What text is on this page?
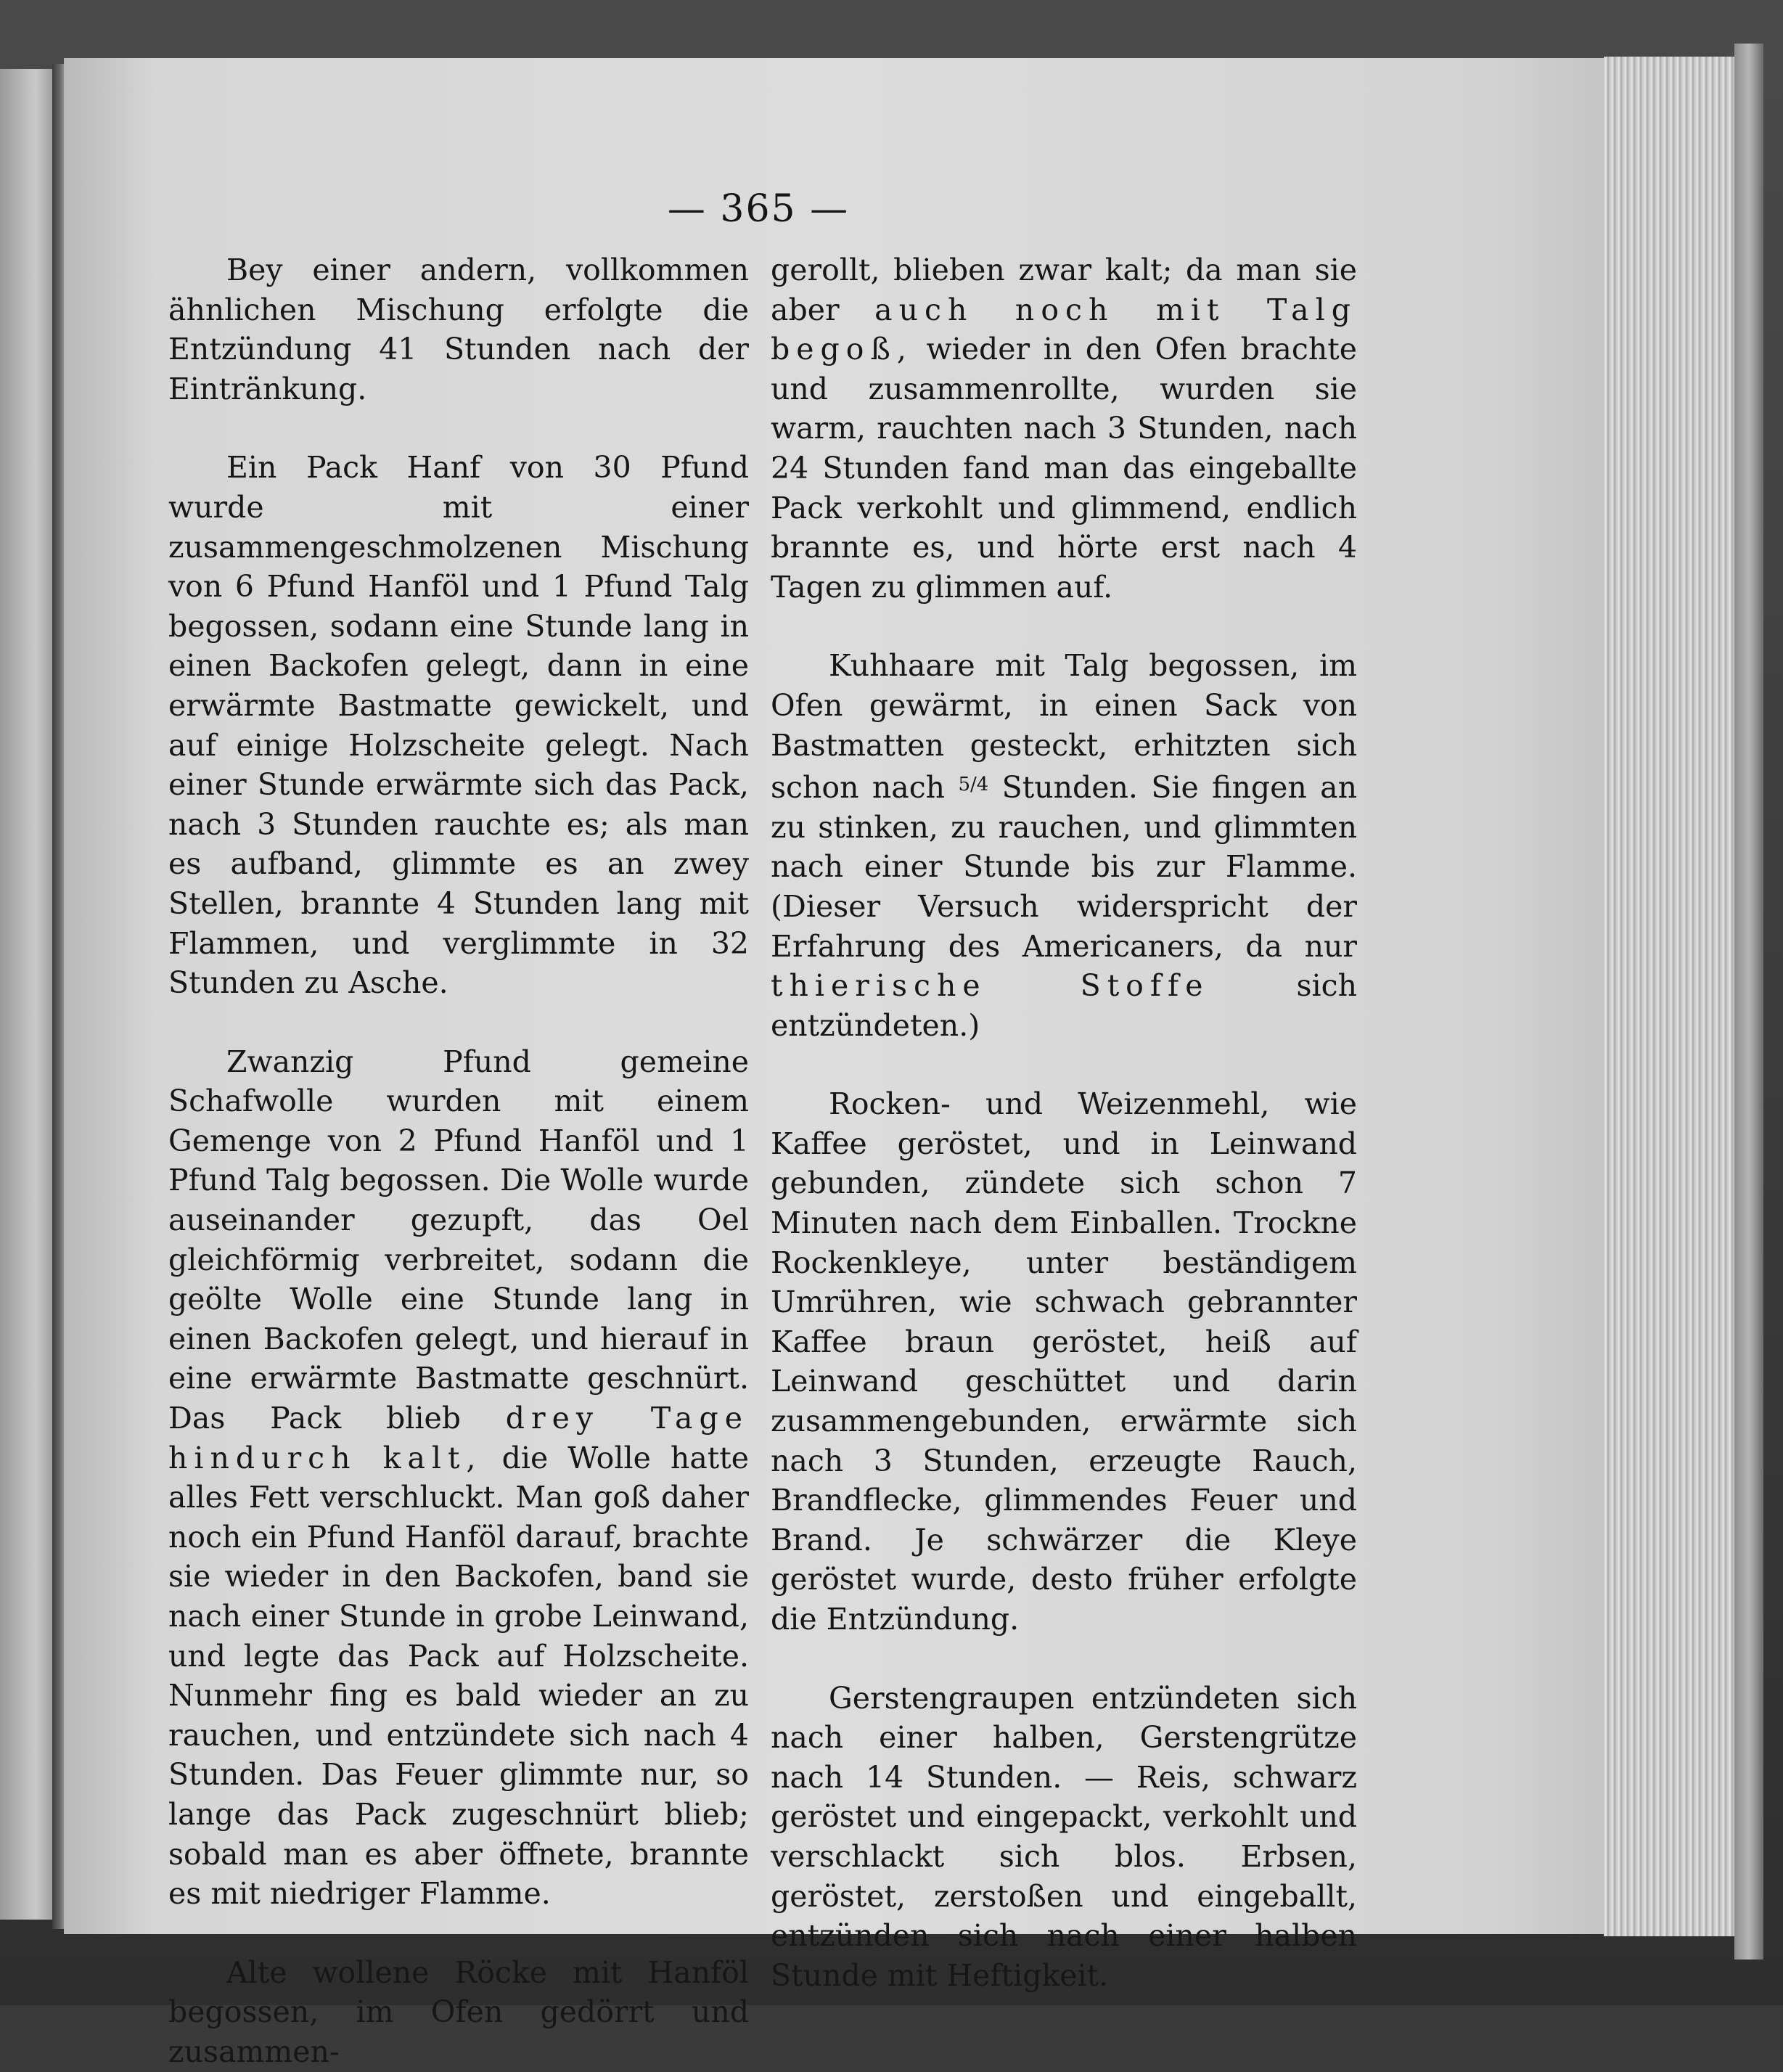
— 365 —

Bey einer andern, vollkommen ähnlichen Mischung erfolgte die Entzündung 41 Stunden nach der Eintränkung.

Ein Pack Hanf von 30 Pfund wurde mit einer zusammengeschmolzenen Mischung von 6 Pfund Hanföl und 1 Pfund Talg begossen, sodann eine Stunde lang in einen Backofen gelegt, dann in eine erwärmte Bastmatte gewickelt, und auf einige Holzscheite gelegt. Nach einer Stunde erwärmte sich das Pack, nach 3 Stunden rauchte es; als man es aufband, glimmte es an zwey Stellen, brannte 4 Stunden lang mit Flammen, und verglimmte in 32 Stunden zu Asche.

Zwanzig Pfund gemeine Schafwolle wurden mit einem Gemenge von 2 Pfund Hanföl und 1 Pfund Talg begossen. Die Wolle wurde auseinander gezupft, das Oel gleichförmig verbreitet, sodann die geölte Wolle eine Stunde lang in einen Backofen gelegt, und hierauf in eine erwärmte Bastmatte geschnürt. Das Pack blieb drey Tage hindurch kalt, die Wolle hatte alles Fett verschluckt. Man goß daher noch ein Pfund Hanföl darauf, brachte sie wieder in den Backofen, band sie nach einer Stunde in grobe Leinwand, und legte das Pack auf Holzscheite. Nunmehr fing es bald wieder an zu rauchen, und entzündete sich nach 4 Stunden. Das Feuer glimmte nur, so lange das Pack zugeschnürt blieb; sobald man es aber öffnete, brannte es mit niedriger Flamme.

Alte wollene Röcke mit Hanföl begossen, im Ofen gedörrt und zusammen-

gerollt, blieben zwar kalt; da man sie aber auch noch mit Talg begoß, wieder in den Ofen brachte und zusammenrollte, wurden sie warm, rauchten nach 3 Stunden, nach 24 Stunden fand man das eingeballte Pack verkohlt und glimmend, endlich brannte es, und hörte erst nach 4 Tagen zu glimmen auf.

Kuhhaare mit Talg begossen, im Ofen gewärmt, in einen Sack von Bastmatten gesteckt, erhitzten sich schon nach $^{5/4}$ Stunden. Sie fingen an zu stinken, zu rauchen, und glimmten nach einer Stunde bis zur Flamme. (Dieser Versuch widerspricht der Erfahrung des Americaners, da nur thierische Stoffe	sich entzündeten.)

Rocken- und Weizenmehl, wie Kaffee geröstet, und in Leinwand gebunden, zündete sich schon 7 Minuten nach dem Einballen. Trockne Rockenkleye, unter beständigem Umrühren, wie schwach gebrannter Kaffee braun geröstet, heiß auf Leinwand geschüttet und darin zusammengebunden, erwärmte sich nach 3 Stunden, erzeugte Rauch, Brandflecke, glimmendes Feuer und Brand. Je schwärzer die Kleye geröstet wurde, desto früher erfolgte die Entzündung.

Gerstengraupen entzündeten sich nach einer halben, Gerstengrütze nach 14 Stunden. — Reis, schwarz geröstet und eingepackt, verkohlt und verschlackt sich blos. Erbsen, geröstet, zerstoßen und eingeballt, entzünden sich nach einer halben Stunde mit Heftigkeit.
